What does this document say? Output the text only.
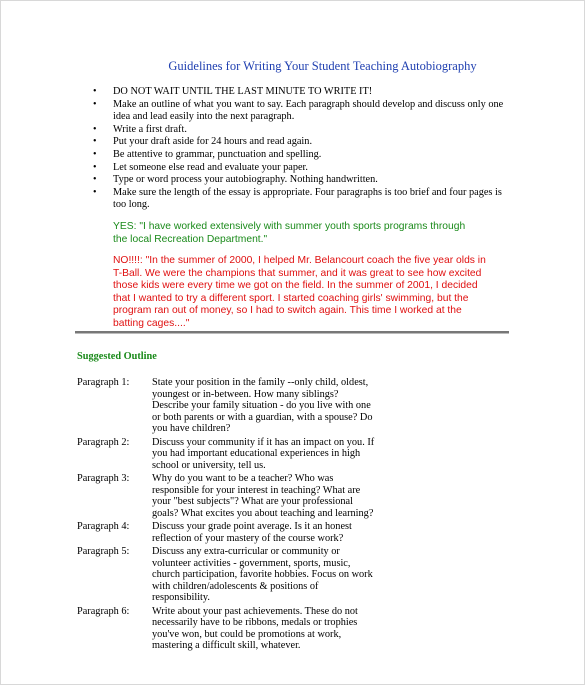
Guidelines for Writing Your Student Teaching Autobiography
• DO NOT WAIT UNTIL THE LAST MINUTE TO WRITE IT!
• Make an outline of what you want to say. Each paragraph should develop and discuss only one idea and lead easily into the next paragraph.
• Write a first draft.
• Put your draft aside for 24 hours and read again.
• Be attentive to grammar, punctuation and spelling.
• Let someone else read and evaluate your paper.
• Type or word process your autobiography. Nothing handwritten.
• Make sure the length of the essay is appropriate. Four paragraphs is too brief and four pages is too long.
YES: "I have worked extensively with summer youth sports programs through the local Recreation Department."
NO!!!!: "In the summer of 2000, I helped Mr. Belancourt coach the five year olds in T-Ball. We were the champions that summer, and it was great to see how excited those kids were every time we got on the field. In the summer of 2001, I decided that I wanted to try a different sport. I started coaching girls' swimming, but the program ran out of money, so I had to switch again. This time I worked at the batting cages...."
Suggested Outline
Paragraph 1:	State your position in the family --only child, oldest, youngest or in-between. How many siblings? Describe your family situation - do you live with one or both parents or with a guardian, with a spouse? Do you have children?
Paragraph 2:	Discuss your community if it has an impact on you. If you had important educational experiences in high school or university, tell us.
Paragraph 3:	Why do you want to be a teacher? Who was responsible for your interest in teaching? What are your "best subjects"? What are your professional goals? What excites you about teaching and learning?
Paragraph 4:	Discuss your grade point average. Is it an honest reflection of your mastery of the course work?
Paragraph 5:	Discuss any extra-curricular or community or volunteer activities - government, sports, music, church participation, favorite hobbies. Focus on work with children/adolescents & positions of responsibility.
Paragraph 6:	Write about your past achievements. These do not necessarily have to be ribbons, medals or trophies you've won, but could be promotions at work, mastering a difficult skill, whatever.
